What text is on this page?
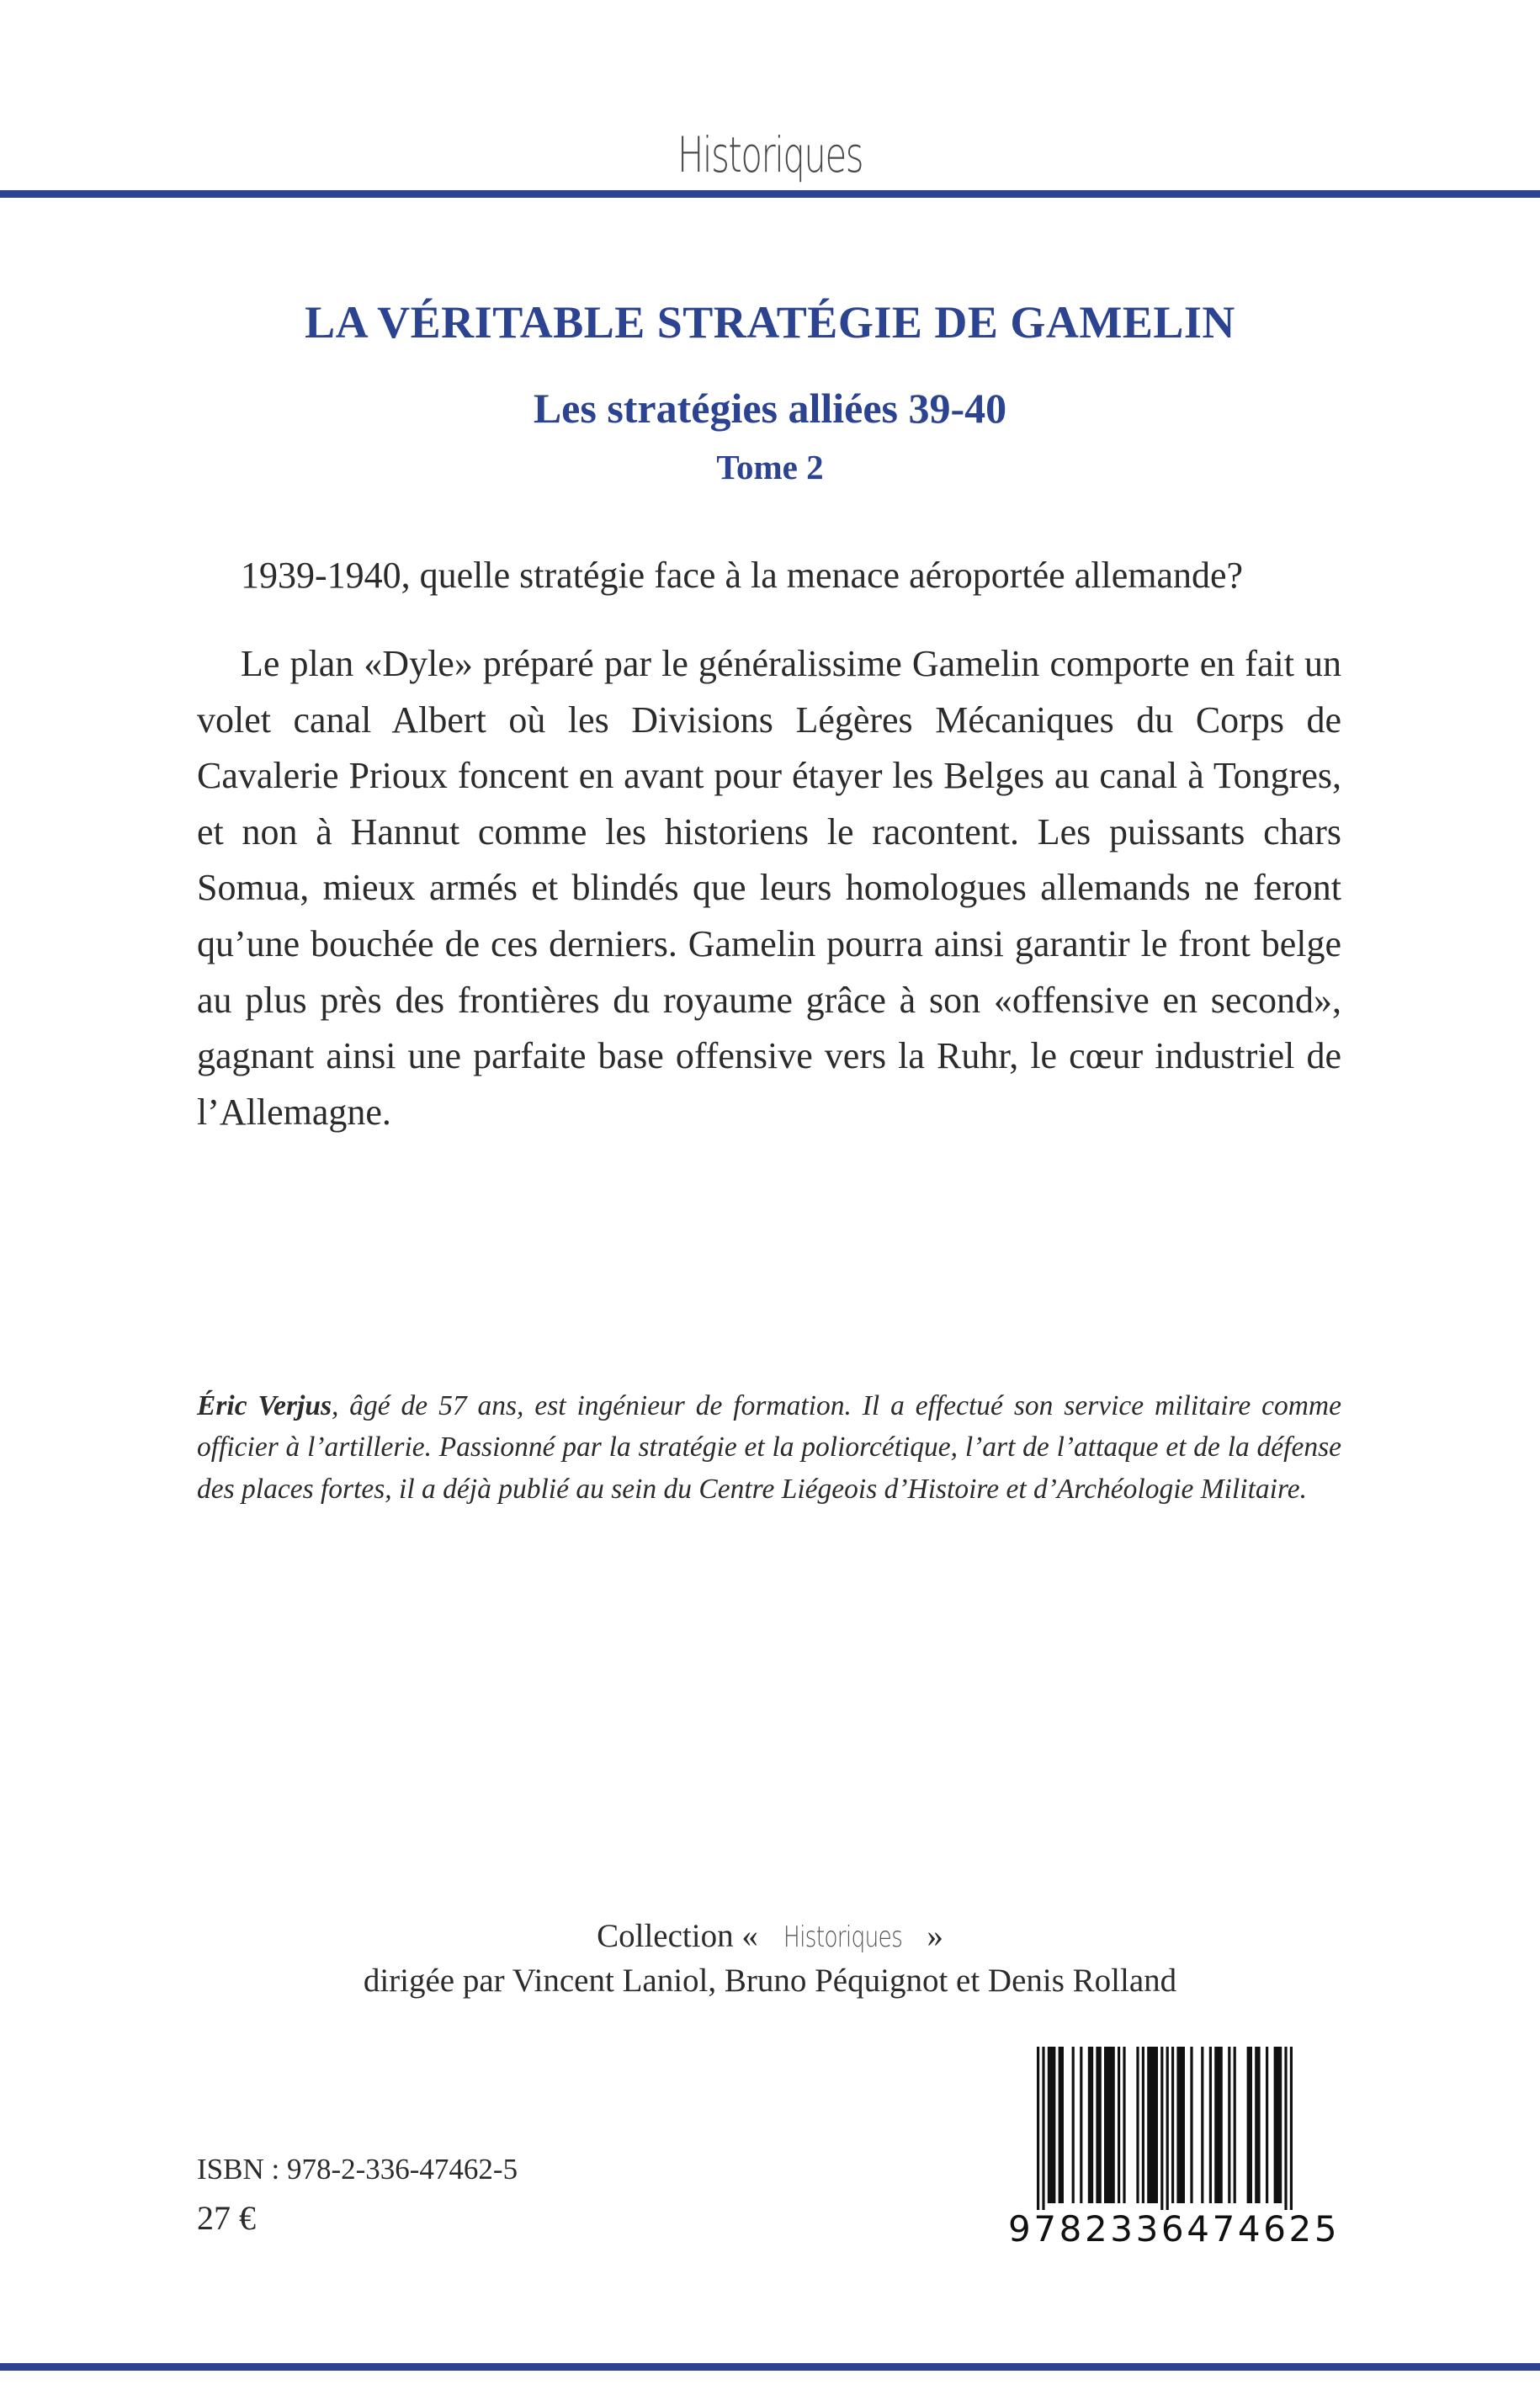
Historiques
LA VÉRITABLE STRATÉGIE DE GAMELIN
Les stratégies alliées 39-40
Tome 2
1939-1940, quelle stratégie face à la menace aéroportée allemande?
Le plan «Dyle» préparé par le généralissime Gamelin comporte en fait un volet canal Albert où les Divisions Légères Mécaniques du Corps de Cavalerie Prioux foncent en avant pour étayer les Belges au canal à Tongres, et non à Hannut comme les historiens le racontent. Les puissants chars Somua, mieux armés et blindés que leurs homologues allemands ne feront qu’une bouchée de ces derniers. Gamelin pourra ainsi garantir le front belge au plus près des frontières du royaume grâce à son «offensive en second», gagnant ainsi une parfaite base offensive vers la Ruhr, le cœur industriel de l’Allemagne.
Éric Verjus, âgé de 57 ans, est ingénieur de formation. Il a effectué son service militaire comme officier à l’artillerie. Passionné par la stratégie et la poliorcétique, l’art de l’attaque et de la défense des places fortes, il a déjà publié au sein du Centre Liégeois d’Histoire et d’Archéologie Militaire.
Collection « Historiques »
dirigée par Vincent Laniol, Bruno Péquignot et Denis Rolland
ISBN : 978-2-336-47462-5
27 €	9782336474625
